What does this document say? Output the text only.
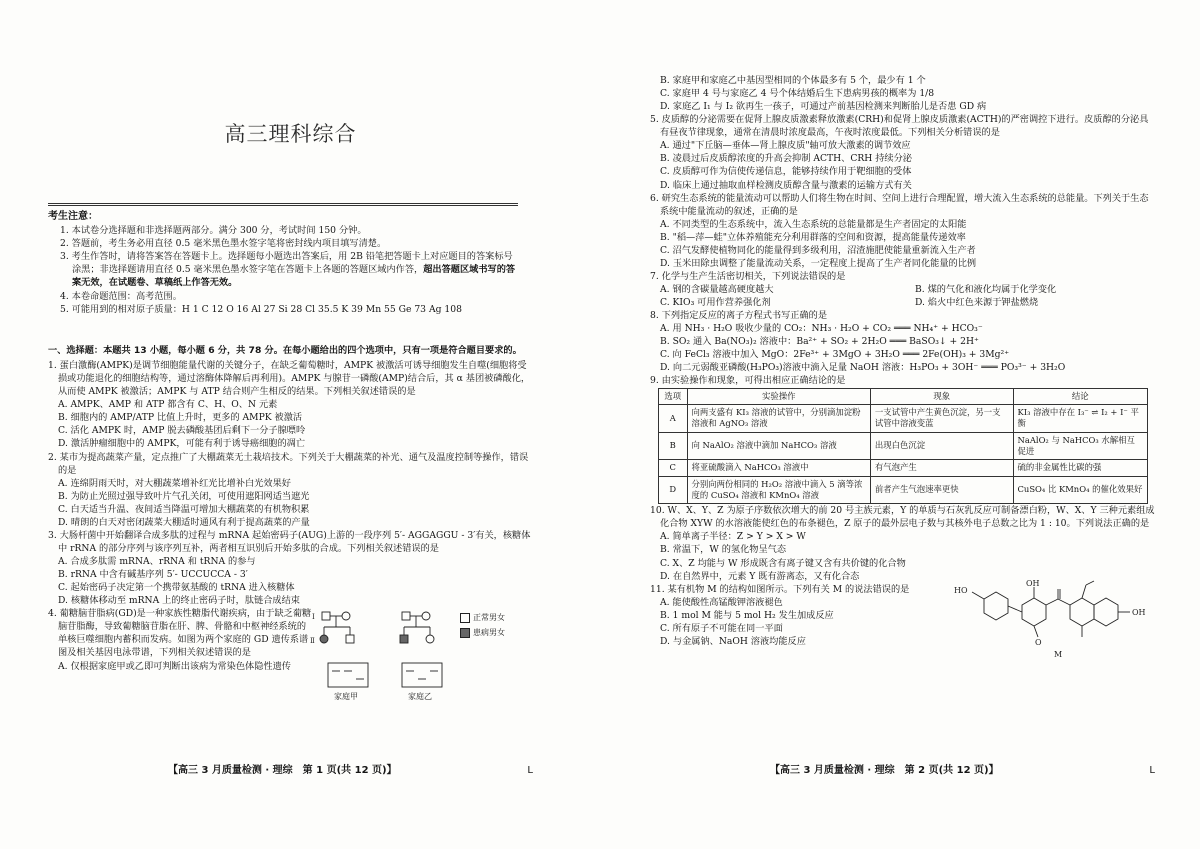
高三理科综合
考生注意：

1. 本试卷分选择题和非选择题两部分。满分 300 分，考试时间 150 分钟。

2. 答题前，考生务必用直径 0.5 毫米黑色墨水签字笔将密封线内项目填写清楚。

3. 考生作答时，请将答案答在答题卡上。选择题每小题选出答案后，用 2B 铅笔把答题卡上对应题目的答案标号涂黑；非选择题请用直径 0.5 毫米黑色墨水签字笔在答题卡上各题的答题区域内作答，超出答题区域书写的答案无效，在试题卷、草稿纸上作答无效。

4. 本卷命题范围：高考范围。

5. 可能用到的相对原子质量：H 1 C 12 O 16 Al 27 Si 28 Cl 35.5 K 39 Mn 55 Ge 73 Ag 108

一、选择题：本题共 13 小题，每小题 6 分，共 78 分。在每小题给出的四个选项中，只有一项是符合题目要求的。

1. 蛋白激酶(AMPK)是调节细胞能量代谢的关键分子，在缺乏葡萄糖时，AMPK 被激活可诱导细胞发生自噬(细胞将受损或功能退化的细胞结构等，通过溶酶体降解后再利用)。AMPK 与腺苷一磷酸(AMP)结合后，其 α 基团被磷酸化，从而使 AMPK 被激活；AMPK 与 ATP 结合则产生相反的结果。下列相关叙述错误的是

A. AMPK、AMP 和 ATP 都含有 C、H、O、N 元素

B. 细胞内的 AMP/ATP 比值上升时，更多的 AMPK 被激活

C. 活化 AMPK 时，AMP 脱去磷酸基团后剩下一分子腺嘌呤

D. 激活肿瘤细胞中的 AMPK，可能有利于诱导癌细胞的凋亡

2. 某市为提高蔬菜产量，定点推广了大棚蔬菜无土栽培技术。下列关于大棚蔬菜的补光、通气及温度控制等操作，错误的是

A. 连绵阴雨天时，对大棚蔬菜增补红光比增补白光效果好

B. 为防止光照过强导致叶片气孔关闭，可使用遮阳网适当遮光

C. 白天适当升温、夜间适当降温可增加大棚蔬菜的有机物积累

D. 晴朗的白天对密闭蔬菜大棚适时通风有利于提高蔬菜的产量

3. 大肠杆菌中开始翻译合成多肽的过程与 mRNA 起始密码子(AUG)上游的一段序列 5′- AGGAGGU - 3′有关，核糖体中 rRNA 的部分序列与该序列互补，两者相互识别后开始多肽的合成。下列相关叙述错误的是

A. 合成多肽需 mRNA、rRNA 和 tRNA 的参与

B. rRNA 中含有碱基序列 5′- UCCUCCA - 3′

C. 起始密码子决定第一个携带氨基酸的 tRNA 进入核糖体

D. 核糖体移动至 mRNA 上的终止密码子时，肽链合成结束

4. 葡糖脑苷脂病(GD)是一种家族性糖脂代谢疾病，由于缺乏葡糖脑苷脂酶，导致葡糖脑苷脂在肝、脾、骨骼和中枢神经系统的单核巨噬细胞内蓄积而发病。如图为两个家庭的 GD 遗传系谱图及相关基因电泳带谱，下列相关叙述错误的是

A. 仅根据家庭甲或乙即可判断出该病为常染色体隐性遗传

Ⅰ
Ⅱ
正常男女
患病男女
家庭甲	家庭乙
【高三 3 月质量检测 · 理综　第 1 页(共 12 页)】	L

B. 家庭甲和家庭乙中基因型相同的个体最多有 5 个，最少有 1 个

C. 家庭甲 4 号与家庭乙 4 号个体结婚后生下患病男孩的概率为 1/8

D. 家庭乙 Ⅰ₁ 与 Ⅰ₂ 欲再生一孩子，可通过产前基因检测来判断胎儿是否患 GD 病

5. 皮质醇的分泌需要在促肾上腺皮质激素释放激素(CRH)和促肾上腺皮质激素(ACTH)的严密调控下进行。皮质醇的分泌具有昼夜节律现象，通常在清晨时浓度最高，午夜时浓度最低。下列相关分析错误的是

A. 通过"下丘脑—垂体—肾上腺皮质"轴可放大激素的调节效应

B. 凌晨过后皮质醇浓度的升高会抑制 ACTH、CRH 持续分泌

C. 皮质醇可作为信使传递信息，能够持续作用于靶细胞的受体

D. 临床上通过抽取血样检测皮质醇含量与激素的运输方式有关

6. 研究生态系统的能量流动可以帮助人们将生物在时间、空间上进行合理配置，增大流入生态系统的总能量。下列关于生态系统中能量流动的叙述，正确的是

A. 不同类型的生态系统中，流入生态系统的总能量都是生产者固定的太阳能

B. "稻—萍—蛙"立体养殖能充分利用群落的空间和资源，提高能量传递效率

C. 沼气发酵使植物同化的能量得到多级利用，沼渣施肥使能量重新流入生产者

D. 玉米田除虫调整了能量流动关系，一定程度上提高了生产者同化能量的比例

7. 化学与生产生活密切相关，下列说法错误的是

A. 钢的含碳量越高硬度越大	B. 煤的气化和液化均属于化学变化
C. KIO₃ 可用作营养强化剂	D. 焰火中红色来源于钾盐燃烧

8. 下列指定反应的离子方程式书写正确的是

A. 用 NH₃ · H₂O 吸收少量的 CO₂：NH₃ · H₂O + CO₂ ═══ NH₄⁺ + HCO₃⁻

B. SO₂ 通入 Ba(NO₃)₂ 溶液中：Ba²⁺ + SO₂ + 2H₂O ═══ BaSO₃↓ + 2H⁺

C. 向 FeCl₃ 溶液中加入 MgO：2Fe³⁺ + 3MgO + 3H₂O ═══ 2Fe(OH)₃ + 3Mg²⁺

D. 向二元弱酸亚磷酸(H₃PO₃)溶液中滴入足量 NaOH 溶液：H₃PO₃ + 3OH⁻ ═══ PO₃³⁻ + 3H₂O

9. 由实验操作和现象，可得出相应正确结论的是

选项	实验操作	现象	结论
A	向两支盛有 KI₃ 溶液的试管中，分别滴加淀粉溶液和 AgNO₃ 溶液	一支试管中产生黄色沉淀，另一支试管中溶液变蓝	KI₃ 溶液中存在 I₃⁻ ⇌ I₂ + I⁻ 平衡
B	向 NaAlO₂ 溶液中滴加 NaHCO₃ 溶液	出现白色沉淀	NaAlO₂ 与 NaHCO₃ 水解相互促进
C	将亚硫酸滴入 NaHCO₃ 溶液中	有气泡产生	硫的非金属性比碳的强
D	分别向两份相同的 H₂O₂ 溶液中滴入 5 滴等浓度的 CuSO₄ 溶液和 KMnO₄ 溶液	前者产生气泡速率更快	CuSO₄ 比 KMnO₄ 的催化效果好

10. W、X、Y、Z 为原子序数依次增大的前 20 号主族元素，Y 的单质与石灰乳反应可制备漂白粉，W、X、Y 三种元素组成化合物 XYW 的水溶液能使红色的布条褪色，Z 原子的最外层电子数与其核外电子总数之比为 1 : 10。下列说法正确的是

A. 简单离子半径：Z > Y > X > W

B. 常温下，W 的氢化物呈气态

C. X、Z 均能与 W 形成既含有离子键又含有共价键的化合物

D. 在自然界中，元素 Y 既有游离态，又有化合态

11. 某有机物 M 的结构如图所示。下列有关 M 的说法错误的是

A. 能使酸性高锰酸钾溶液褪色

B. 1 mol M 能与 5 mol H₂ 发生加成反应

C. 所有原子不可能在同一平面

D. 与金属钠、NaOH 溶液均能反应

HO
OH
OH
O
M
【高三 3 月质量检测 · 理综　第 2 页(共 12 页)】	L
